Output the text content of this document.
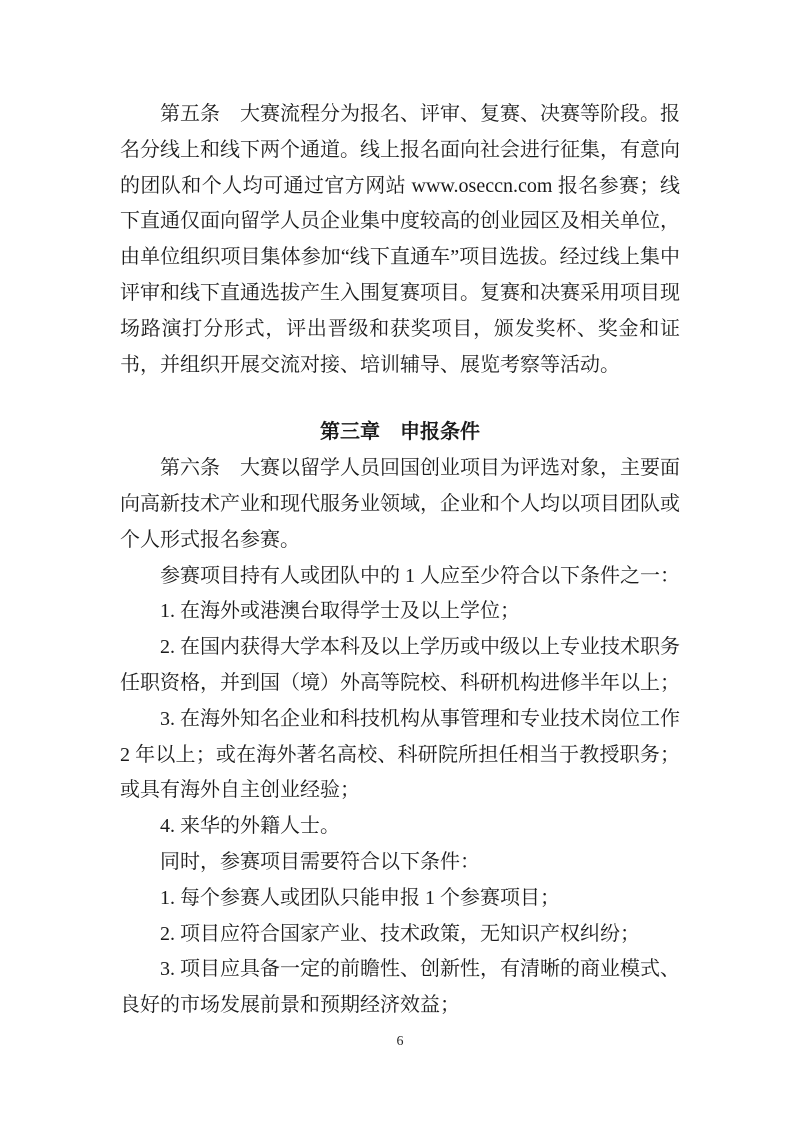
第五条　大赛流程分为报名、评审、复赛、决赛等阶段。报名分线上和线下两个通道。线上报名面向社会进行征集，有意向的团队和个人均可通过官方网站 www.oseccn.com 报名参赛；线下直通仅面向留学人员企业集中度较高的创业园区及相关单位，由单位组织项目集体参加“线下直通车”项目选拔。经过线上集中评审和线下直通选拔产生入围复赛项目。复赛和决赛采用项目现场路演打分形式，评出晋级和获奖项目，颁发奖杯、奖金和证书，并组织开展交流对接、培训辅导、展览考察等活动。

第三章　申报条件

第六条　大赛以留学人员回国创业项目为评选对象，主要面向高新技术产业和现代服务业领域，企业和个人均以项目团队或个人形式报名参赛。

参赛项目持有人或团队中的 1 人应至少符合以下条件之一：

1. 在海外或港澳台取得学士及以上学位；

2. 在国内获得大学本科及以上学历或中级以上专业技术职务任职资格，并到国（境）外高等院校、科研机构进修半年以上；

3. 在海外知名企业和科技机构从事管理和专业技术岗位工作 2 年以上；或在海外著名高校、科研院所担任相当于教授职务；或具有海外自主创业经验；

4. 来华的外籍人士。

同时，参赛项目需要符合以下条件：

1. 每个参赛人或团队只能申报 1 个参赛项目；

2. 项目应符合国家产业、技术政策，无知识产权纠纷；

3. 项目应具备一定的前瞻性、创新性，有清晰的商业模式、良好的市场发展前景和预期经济效益；

6
